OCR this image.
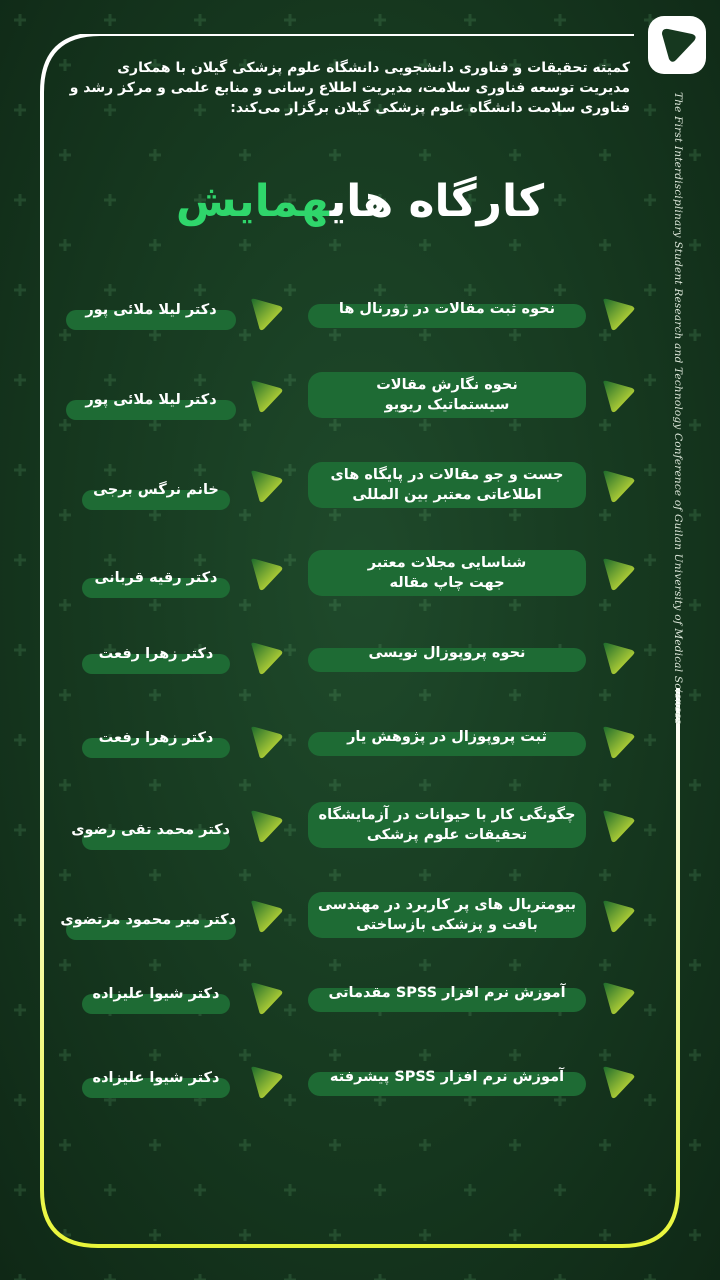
کمیته تحقیقات و فناوری دانشجویی دانشگاه علوم پزشکی گیلان با همکاری
مدیریت توسعه فناوری سلامت، مدیریت اطلاع رسانی و منابع علمی و مرکز رشد و
فناوری سلامت دانشگاه علوم پزشکی گیلان برگزار می‌کند:
کارگاه هایهمایش	The First Interdisciplinary Student Research and Technology Conference of Guilan University of Medical Sciences
نحوه ثبت مقالات در ژورنال ها
دکتر لیلا ملائی پور
نحوه نگارش مقالات
سیستماتیک ریویو
دکتر لیلا ملائی پور
جست و جو مقالات در پایگاه های
اطلاعاتی معتبر بین المللی
خانم نرگس برجی
شناسایی مجلات معتبر
جهت چاپ مقاله
دکتر رقیه قربانی
نحوه پروپوزال نویسی
دکتر زهرا رفعت
ثبت پروپوزال در پژوهش یار
دکتر زهرا رفعت
چگونگی کار با حیوانات در آزمایشگاه
تحقیقات علوم پزشکی
دکتر محمد تقی رضوی
بیومتریال های پر کاربرد در مهندسی
بافت و پزشکی بازساختی
دکتر میر محمود مرتضوی
آموزش نرم افزار SPSS مقدماتی
دکتر شیوا علیزاده
آموزش نرم افزار SPSS پیشرفته
دکتر شیوا علیزاده
